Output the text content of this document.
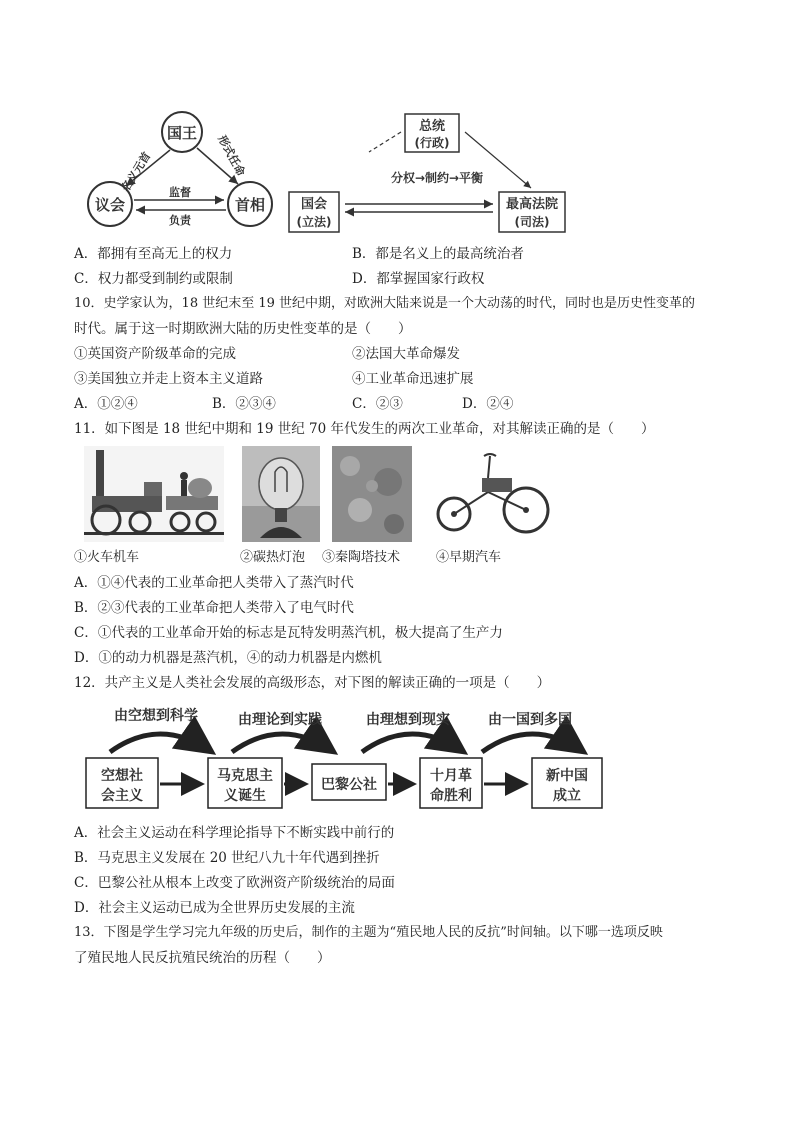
国王
议会	首相
形式任命
名义元首 监督
负责
总统
(行政)
国会
(立法)
最高法院
(司法)
分权→制约→平衡
A．都拥有至高无上的权力	B．都是名义上的最高统治者
C．权力都受到制约或限制	D．都掌握国家行政权
10．史学家认为，18 世纪末至 19 世纪中期，对欧洲大陆来说是一个大动荡的时代，同时也是历史性变革的
时代。属于这一时期欧洲大陆的历史性变革的是（　　）
①英国资产阶级革命的完成	②法国大革命爆发
③美国独立并走上资本主义道路	④工业革命迅速扩展
A．①②④	B．②③④	C．②③	D．②④
11．如下图是 18 世纪中期和 19 世纪 70 年代发生的两次工业革命，对其解读正确的是（　　）
①火车机车	②碳热灯泡 ③秦陶塔技术	④早期汽车
A．①④代表的工业革命把人类带入了蒸汽时代
B．②③代表的工业革命把人类带入了电气时代
C．①代表的工业革命开始的标志是瓦特发明蒸汽机，极大提高了生产力
D．①的动力机器是蒸汽机，④的动力机器是内燃机
12．共产主义是人类社会发展的高级形态，对下图的解读正确的一项是（　　）
由空想到科学	由理论到实践	由理想到现实	由一国到多国
空想社
会主义
马克思主
义诞生
巴黎公社
十月革
命胜利
新中国
成立
A．社会主义运动在科学理论指导下不断实践中前行的
B．马克思主义发展在 20 世纪八九十年代遇到挫折
C．巴黎公社从根本上改变了欧洲资产阶级统治的局面
D．社会主义运动已成为全世界历史发展的主流
13．下图是学生学习完九年级的历史后，制作的主题为“殖民地人民的反抗”时间轴。以下哪一选项反映
了殖民地人民反抗殖民统治的历程（　　）
